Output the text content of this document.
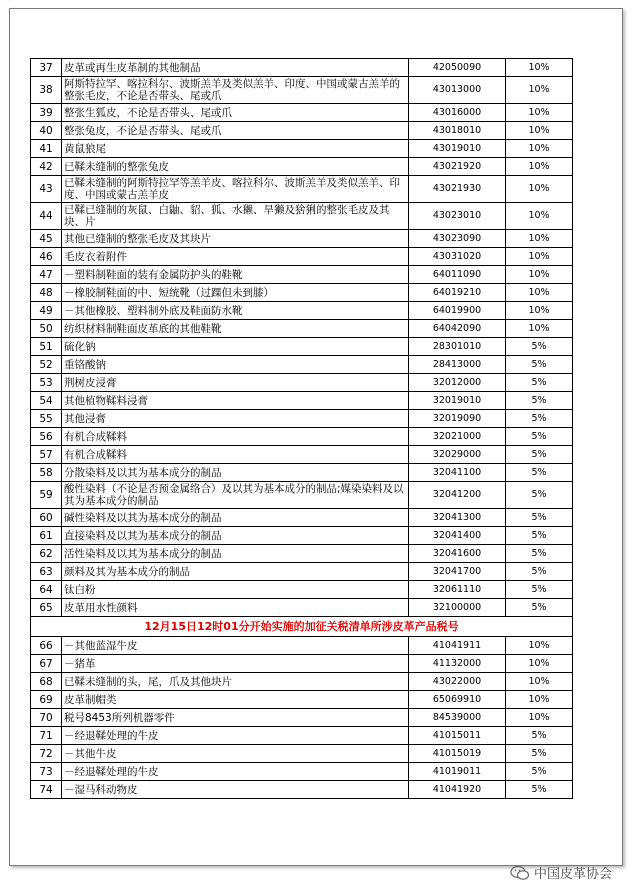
37	皮革或再生皮革制的其他制品	42050090	10%
38	阿斯特拉罕、喀拉科尔、波斯羔羊及类似羔羊、印度、中国或蒙古羔羊的整张毛皮，不论是否带头、尾或爪	43013000	10%
39	整张生狐皮，不论是否带头、尾或爪	43016000	10%
40	整张兔皮，不论是否带头、尾或爪	43018010	10%
41	黄鼠狼尾	43019010	10%
42	已鞣未缝制的整张兔皮	43021920	10%
43	已鞣未缝制的阿斯特拉罕等羔羊皮、喀拉科尔、波斯羔羊及类似羔羊、印度、中国或蒙古羔羊皮	43021930	10%
44	已鞣已缝制的灰鼠、白鼬、貂、狐、水獭、旱獭及猞猁的整张毛皮及其块、片	43023010	10%
45	其他已缝制的整张毛皮及其块片	43023090	10%
46	毛皮衣着附件	43031020	10%
47	－塑料制鞋面的装有金属防护头的鞋靴	64011090	10%
48	－橡胶制鞋面的中、短统靴（过踝但未到膝）	64019210	10%
49	－其他橡胶、塑料制外底及鞋面防水靴	64019900	10%
50	纺织材料制鞋面皮革底的其他鞋靴	64042090	10%
51	硫化钠	28301010	5%
52	重铬酸钠	28413000	5%
53	荆树皮浸膏	32012000	5%
54	其他植物鞣料浸膏	32019010	5%
55	其他浸膏	32019090	5%
56	有机合成鞣料	32021000	5%
57	有机合成鞣料	32029000	5%
58	分散染料及以其为基本成分的制品	32041100	5%
59	酸性染料（不论是否预金属络合）及以其为基本成分的制品;媒染染料及以其为基本成分的制品	32041200	5%
60	碱性染料及以其为基本成分的制品	32041300	5%
61	直接染料及以其为基本成分的制品	32041400	5%
62	活性染料及以其为基本成分的制品	32041600	5%
63	颜料及其为基本成分的制品	32041700	5%
64	钛白粉	32061110	5%
65	皮革用水性颜料	32100000	5%
12月15日12时01分开始实施的加征关税清单所涉皮革产品税号			
66	－其他蓝湿牛皮	41041911	10%
67	－猪革	41132000	10%
68	已鞣未缝制的头，尾，爪及其他块片	43022000	10%
69	皮革制帽类	65069910	10%
70	税号8453所列机器零件	84539000	10%
71	－经退鞣处理的牛皮	41015011	5%
72	－其他牛皮	41015019	5%
73	－经退鞣处理的牛皮	41019011	5%
74	－湿马科动物皮	41041920	5%
中国皮革协会
